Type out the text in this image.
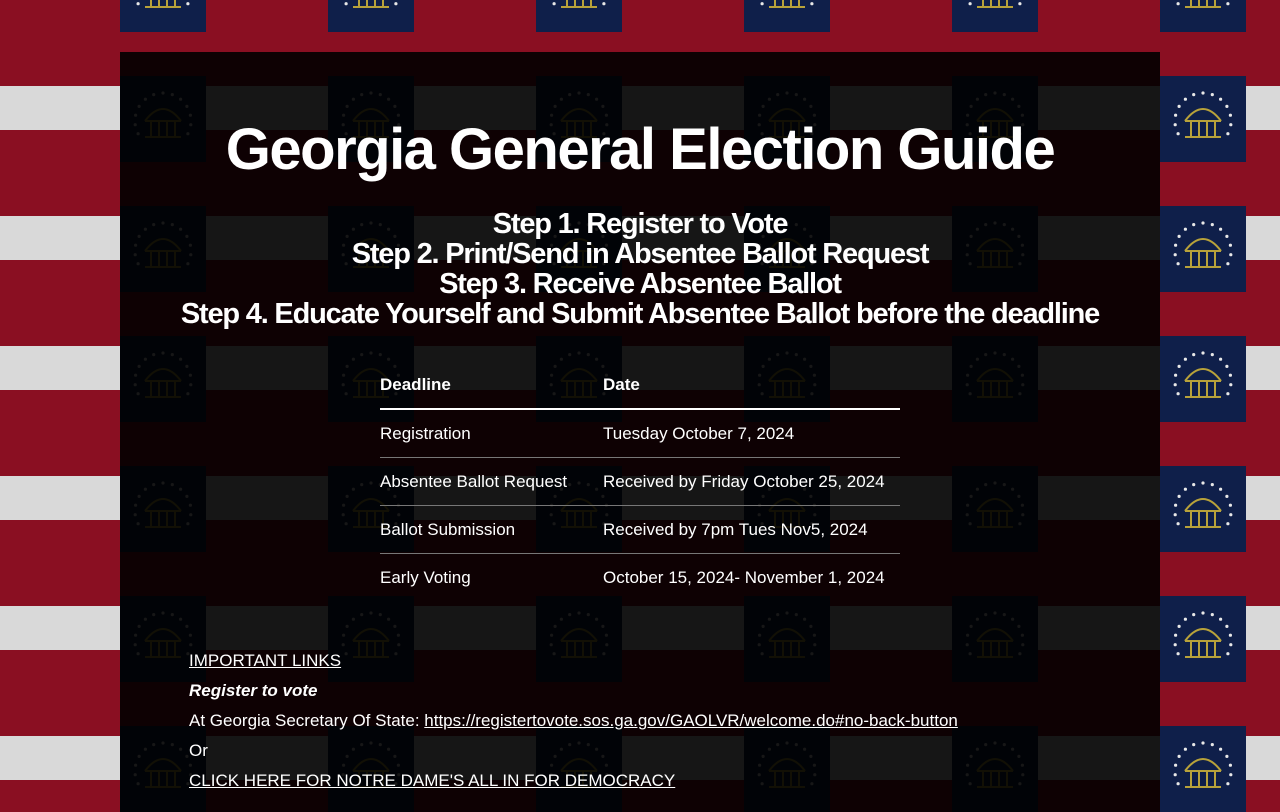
Georgia General Election Guide
Step 1. Register to Vote
Step 2. Print/Send in Absentee Ballot Request
Step 3. Receive Absentee Ballot
Step 4. Educate Yourself and Submit Absentee Ballot before the deadline
Deadline	Date
Registration	Tuesday October 7, 2024
Absentee Ballot Request	Received by Friday October 25, 2024
Ballot Submission	Received by 7pm Tues Nov5, 2024
Early Voting	October 15, 2024- November 1, 2024
IMPORTANT LINKS
Register to vote
At Georgia Secretary Of State: https://registertovote.sos.ga.gov/GAOLVR/welcome.do#no-back-button
Or
CLICK HERE FOR NOTRE DAME'S ALL IN FOR DEMOCRACY
